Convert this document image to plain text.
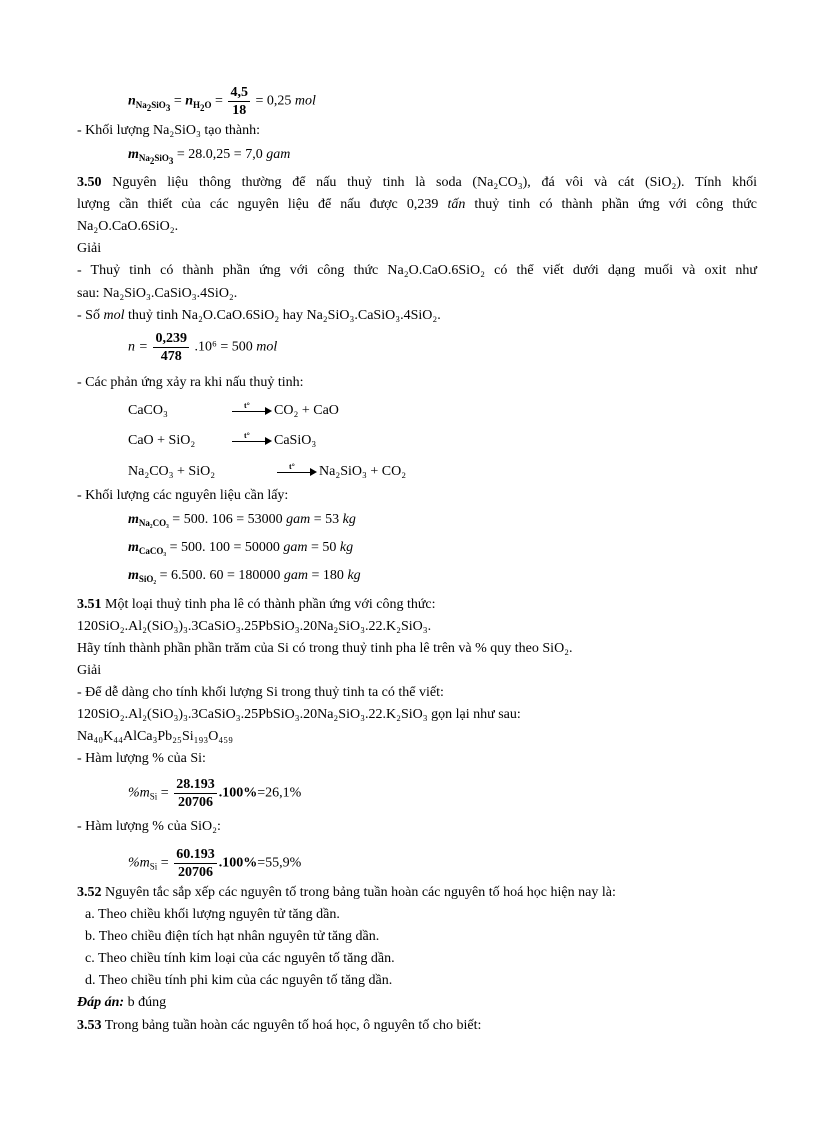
$n_{Na_2SiO_3} = n_{H_2O} = \frac{4,5}{18} = 0,25$ mol
- Khối lượng Na₂SiO₃ tạo thành:
$m_{Na_2SiO_3} = 28.0,25 = 7,0$ gam
3.50 Nguyên liệu thông thường để nấu thuỷ tinh là soda (Na₂CO₃), đá vôi và cát (SiO₂). Tính khối
lượng cần thiết của các nguyên liệu để nấu được 0,239 tấn thuỷ tinh có thành phần ứng với công thức
Na₂O.CaO.6SiO₂.
Giải
- Thuỷ tinh có thành phần ứng với công thức Na₂O.CaO.6SiO₂ có thể viết dưới dạng muối và oxit như
sau: Na₂SiO₃.CaSiO₃.4SiO₂.
- Số mol thuỷ tinh Na₂O.CaO.6SiO₂ hay Na₂SiO₃.CaSiO₃.4SiO₂.
$n = \frac{0,239}{478} .10^6 = 500$ mol
- Các phản ứng xảy ra khi nấu thuỷ tinh:
CaCO₃	t° CO₂ + CaO
CaO + SiO₂	t° CaSiO₃
Na₂CO₃ + SiO₂	t° Na₂SiO₃ + CO₂
- Khối lượng các nguyên liệu cần lấy:
$m_{Na_2CO_3} = 500$. 106 = 53000 gam = 53 kg
$m_{CaCO_3} = 500$. 100 = 50000 gam = 50 kg
$m_{SiO_2} = 6.500$. 60 = 180000 gam = 180 kg
3.51 Một loại thuỷ tinh pha lê có thành phần ứng với công thức:
120SiO₂.Al₂(SiO₃)₃.3CaSiO₃.25PbSiO₃.20Na₂SiO₃.22.K₂SiO₃.
Hãy tính thành phần phần trăm của Si có trong thuỷ tinh pha lê trên và % quy theo SiO₂.
Giải
- Để dễ dàng cho tính khối lượng Si trong thuỷ tinh ta có thể viết:
120SiO₂.Al₂(SiO₃)₃.3CaSiO₃.25PbSiO₃.20Na₂SiO₃.22.K₂SiO₃ gọn lại như sau:
Na₄₀K₄₄AlCa₃Pb₂₅Si₁₉₃O₄₅₉
- Hàm lượng % của Si:
$\%m_{Si} = \frac{28.193}{20706} .100\%=26,1\%$
- Hàm lượng % của SiO₂:
$\%m_{Si} = \frac{60.193}{20706} .100\%=55,9\%$
3.52 Nguyên tắc sắp xếp các nguyên tố trong bảng tuần hoàn các nguyên tố hoá học hiện nay là:
a. Theo chiều khối lượng nguyên tử tăng dần.
b. Theo chiều điện tích hạt nhân nguyên tử tăng dần.
c. Theo chiều tính kim loại của các nguyên tố tăng dần.
d. Theo chiều tính phi kim của các nguyên tố tăng dần.
Đáp án: b đúng
3.53 Trong bảng tuần hoàn các nguyên tố hoá học, ô nguyên tố cho biết:
